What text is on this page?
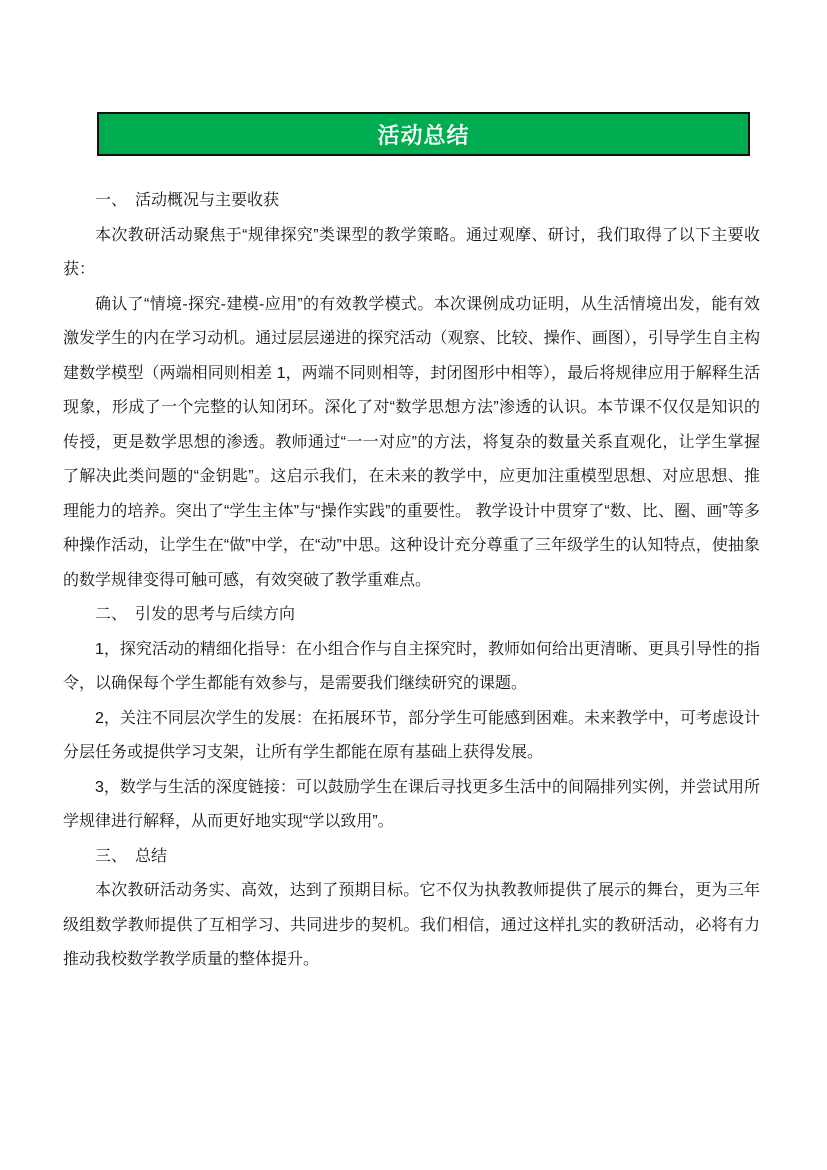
活动总结
一、　活动概况与主要收获

本次教研活动聚焦于“规律探究”类课型的教学策略。通过观摩、研讨，我们取得了以下主要收获：

确认了“情境-探究-建模-应用”的有效教学模式。本次课例成功证明，从生活情境出发，能有效激发学生的内在学习动机。通过层层递进的探究活动（观察、比较、操作、画图），引导学生自主构建数学模型（两端相同则相差 1，两端不同则相等，封闭图形中相等），最后将规律应用于解释生活现象，形成了一个完整的认知闭环。深化了对“数学思想方法”渗透的认识。本节课不仅仅是知识的传授，更是数学思想的渗透。教师通过“一一对应”的方法，将复杂的数量关系直观化，让学生掌握了解决此类问题的“金钥匙”。这启示我们，在未来的教学中，应更加注重模型思想、对应思想、推理能力的培养。突出了“学生主体”与“操作实践”的重要性。 教学设计中贯穿了“数、比、圈、画”等多种操作活动，让学生在“做”中学，在“动”中思。这种设计充分尊重了三年级学生的认知特点，使抽象的数学规律变得可触可感，有效突破了教学重难点。

二、　引发的思考与后续方向

1，探究活动的精细化指导：在小组合作与自主探究时，教师如何给出更清晰、更具引导性的指令，以确保每个学生都能有效参与，是需要我们继续研究的课题。

2，关注不同层次学生的发展：在拓展环节，部分学生可能感到困难。未来教学中，可考虑设计分层任务或提供学习支架，让所有学生都能在原有基础上获得发展。

3，数学与生活的深度链接：可以鼓励学生在课后寻找更多生活中的间隔排列实例，并尝试用所学规律进行解释，从而更好地实现“学以致用”。

三、　总结

本次教研活动务实、高效，达到了预期目标。它不仅为执教教师提供了展示的舞台，更为三年级组数学教师提供了互相学习、共同进步的契机。我们相信，通过这样扎实的教研活动，必将有力推动我校数学教学质量的整体提升。
